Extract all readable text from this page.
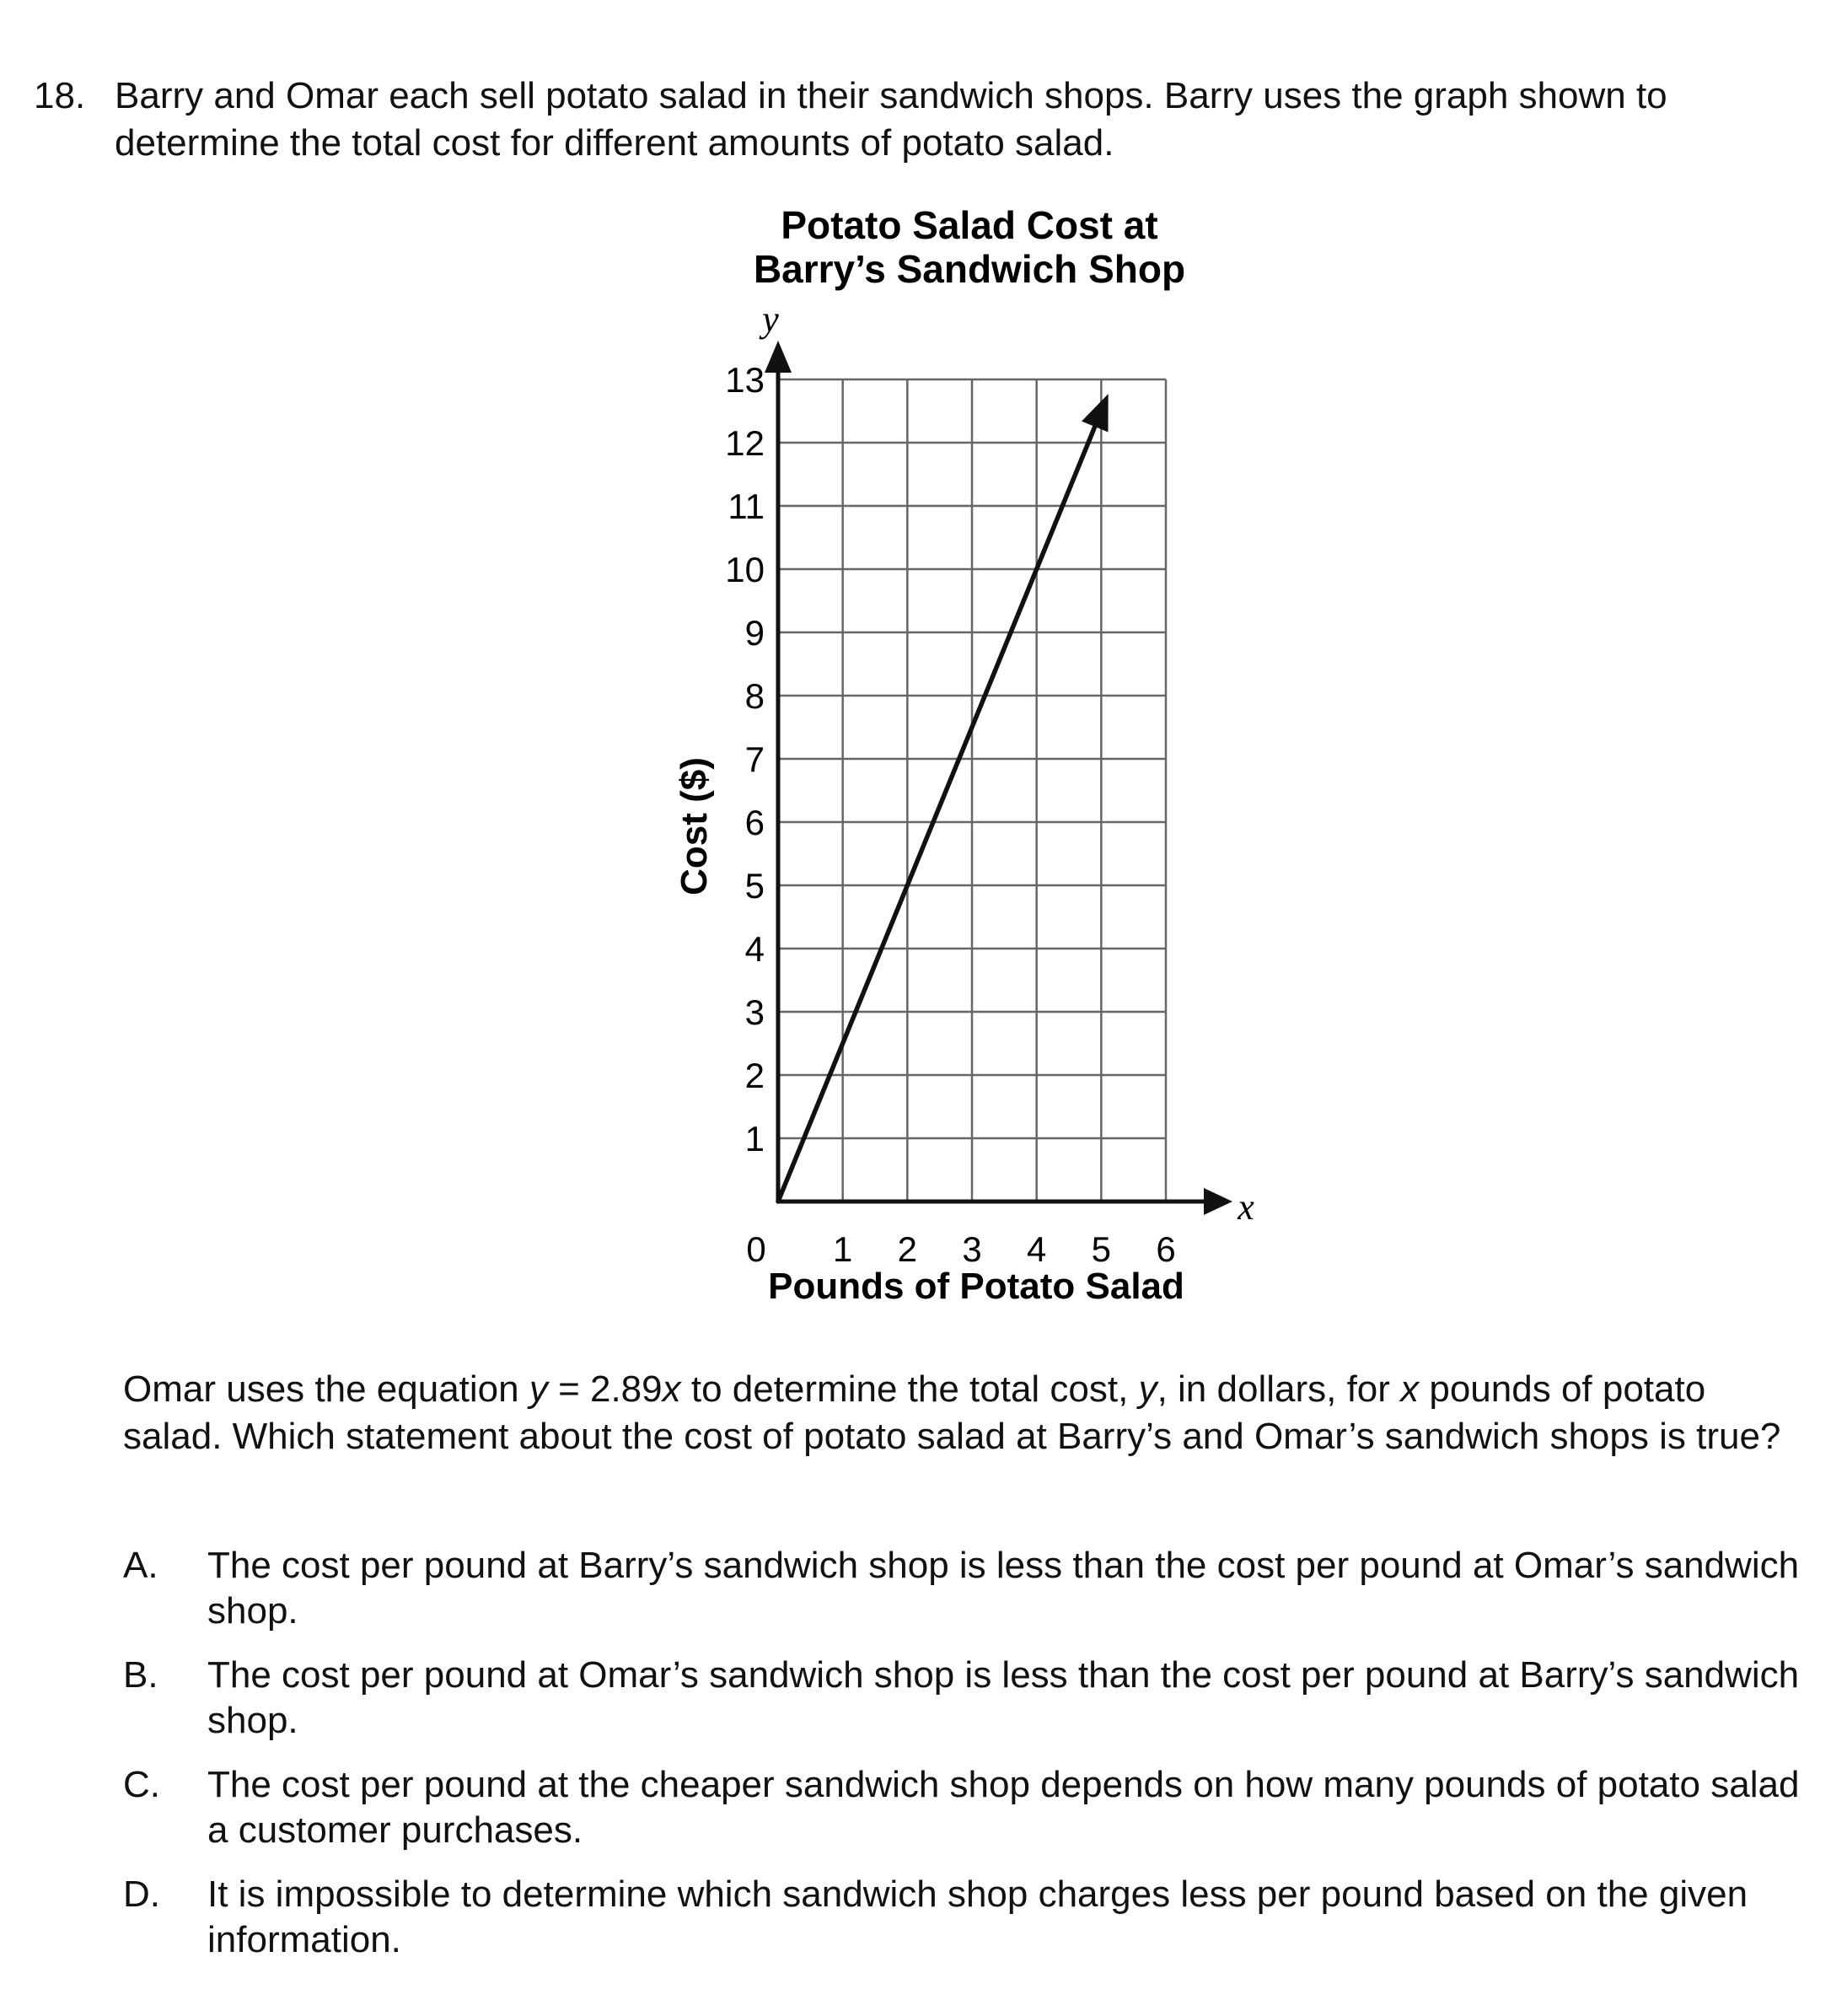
18. Barry and Omar each sell potato salad in their sandwich shops. Barry uses the graph shown to determine the total cost for different amounts of potato salad.
Potato Salad Cost at
Barry’s Sandwich Shop
1
2
3
4
5
6
7
8
9
10
11
12
13
0 1 2 3 4 5 6
y
x
Pounds of Potato Salad
Cost ($)
Omar uses the equation y = 2.89x to determine the total cost, y, in dollars, for x pounds of potato salad. Which statement about the cost of potato salad at Barry’s and Omar’s sandwich shops is true?
A. The cost per pound at Barry’s sandwich shop is less than the cost per pound at Omar’s sandwich shop.
B. The cost per pound at Omar’s sandwich shop is less than the cost per pound at Barry’s sandwich shop.
C. The cost per pound at the cheaper sandwich shop depends on how many pounds of potato salad a customer purchases.
D. It is impossible to determine which sandwich shop charges less per pound based on the given information.
